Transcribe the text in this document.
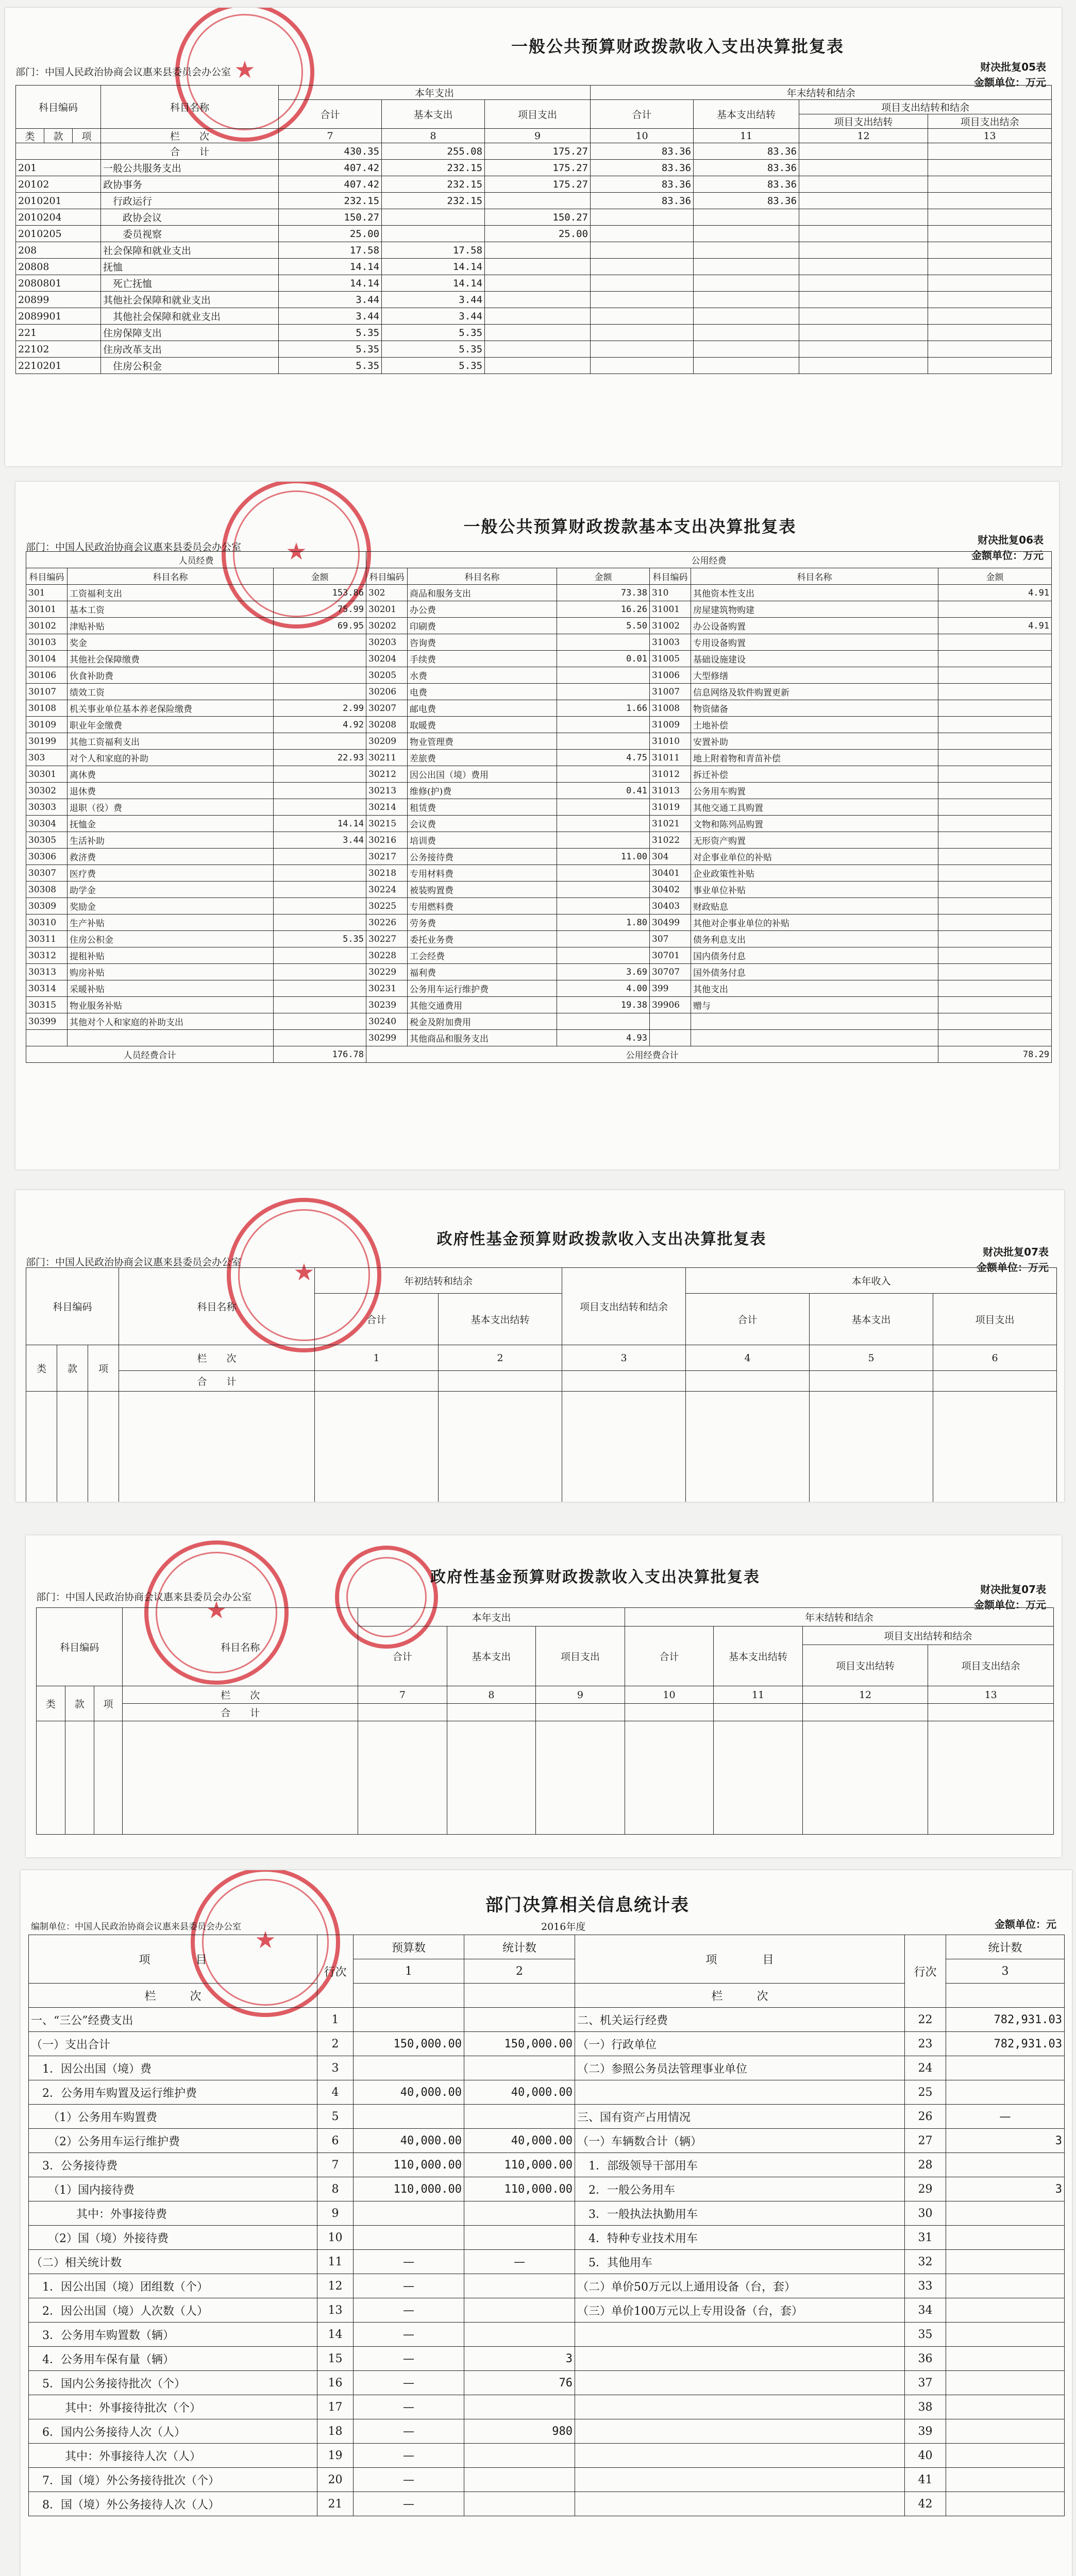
★
一般公共预算财政拨款收入支出决算批复表
部门：中国人民政治协商会议惠来县委员会办公室	财决批复05表
金额单位：万元
科目编码			科目名称	本年支出			年末结转和结余			
				合计	基本支出	项目支出	合计	基本支出结转	项目支出结转和结余	
									项目支出结转	项目支出结余
类	款	项	栏　　次	7	8	9	10	11	12	13
			合　　计	430.35	255.08	175.27	83.36	83.36		
201			一般公共服务支出	407.42	232.15	175.27	83.36	83.36		
20102			政协事务	407.42	232.15	175.27	83.36	83.36		
2010201			　行政运行	232.15	232.15		83.36	83.36		
2010204			　　政协会议	150.27		150.27				
2010205			　　委员视察	25.00		25.00				
208			社会保障和就业支出	17.58	17.58					
20808			抚恤	14.14	14.14					
2080801			　死亡抚恤	14.14	14.14					
20899			其他社会保障和就业支出	3.44	3.44					
2089901			　其他社会保障和就业支出	3.44	3.44					
221			住房保障支出	5.35	5.35					
22102			住房改革支出	5.35	5.35					
2210201			　住房公积金	5.35	5.35					
★
一般公共预算财政拨款基本支出决算批复表
部门：中国人民政治协商会议惠来县委员会办公室
财决批复06表
金额单位：万元
人员经费			公用经费					
科目编码	科目名称	金额	科目编码	科目名称	金额	科目编码	科目名称	金额
301	工资福利支出	153.86	302	商品和服务支出	73.38	310	其他资本性支出	4.91
30101	基本工资	75.99	30201	办公费	16.26	31001	房屋建筑物购建	
30102	津贴补贴	69.95	30202	印刷费	5.50	31002	办公设备购置	4.91
30103	奖金		30203	咨询费		31003	专用设备购置	
30104	其他社会保障缴费		30204	手续费	0.01	31005	基础设施建设	
30106	伙食补助费		30205	水费		31006	大型修缮	
30107	绩效工资		30206	电费		31007	信息网络及软件购置更新	
30108	机关事业单位基本养老保险缴费	2.99	30207	邮电费	1.66	31008	物资储备	
30109	职业年金缴费	4.92	30208	取暖费		31009	土地补偿	
30199	其他工资福利支出		30209	物业管理费		31010	安置补助	
303	对个人和家庭的补助	22.93	30211	差旅费	4.75	31011	地上附着物和青苗补偿	
30301	离休费		30212	因公出国（境）费用		31012	拆迁补偿	
30302	退休费		30213	维修(护)费	0.41	31013	公务用车购置	
30303	退职（役）费		30214	租赁费		31019	其他交通工具购置	
30304	抚恤金	14.14	30215	会议费		31021	文物和陈列品购置	
30305	生活补助	3.44	30216	培训费		31022	无形资产购置	
30306	救济费		30217	公务接待费	11.00	304	对企事业单位的补贴	
30307	医疗费		30218	专用材料费		30401	企业政策性补贴	
30308	助学金		30224	被装购置费		30402	事业单位补贴	
30309	奖励金		30225	专用燃料费		30403	财政贴息	
30310	生产补贴		30226	劳务费	1.80	30499	其他对企事业单位的补贴	
30311	住房公积金	5.35	30227	委托业务费		307	债务利息支出	
30312	提租补贴		30228	工会经费		30701	国内债务付息	
30313	购房补贴		30229	福利费	3.69	30707	国外债务付息	
30314	采暖补贴		30231	公务用车运行维护费	4.00	399	其他支出	
30315	物业服务补贴		30239	其他交通费用	19.38	39906	赠与	
30399	其他对个人和家庭的补助支出		30240	税金及附加费用				
			30299	其他商品和服务支出	4.93			
人员经费合计		176.78	公用经费合计					78.29
★
政府性基金预算财政拨款收入支出决算批复表
部门：中国人民政治协商会议惠来县委员会办公室
财决批复07表
金额单位：万元
科目编码			科目名称	年初结转和结余		项目支出结转和结余	本年收入		
				合计	基本支出结转		合计	基本支出	项目支出
类	款	项	栏　　次	1	2	3	4	5	6
			合　　计						

★
政府性基金预算财政拨款收入支出决算批复表
部门：中国人民政治协商会议惠来县委员会办公室
财决批复07表
金额单位：万元
科目编码			科目名称	本年支出			年末结转和结余			
				合计	基本支出	项目支出	合计	基本支出结转	项目支出结转和结余	
									项目支出结转	项目支出结余
类	款	项	栏　　次	7	8	9	10	11	12	13
			合　　计							

★
部门决算相关信息统计表
编制单位：中国人民政治协商会议惠来县委员会办公室	2016年度	金额单位：元
项　　　　目	行次	预算数	统计数	项　　　　目	行次	统计数
		1	2			3
栏　　　次				栏　　　次		
一、“三公”经费支出	1			二、机关运行经费	22	782,931.03
（一）支出合计	2	150,000.00	150,000.00	（一）行政单位	23	782,931.03
　1．因公出国（境）费	3			（二）参照公务员法管理事业单位	24	
　2．公务用车购置及运行维护费	4	40,000.00	40,000.00		25	
　　（1）公务用车购置费	5			三、国有资产占用情况	26	—
　　（2）公务用车运行维护费	6	40,000.00	40,000.00	（一）车辆数合计（辆）	27	3
　3．公务接待费	7	110,000.00	110,000.00	　1．部级领导干部用车	28	
　　（1）国内接待费	8	110,000.00	110,000.00	　2．一般公务用车	29	3
　　　　其中：外事接待费	9			　3．一般执法执勤用车	30	
　　（2）国（境）外接待费	10			　4．特种专业技术用车	31	
（二）相关统计数	11	—	—	　5．其他用车	32	
　1．因公出国（境）团组数（个）	12	—		（二）单价50万元以上通用设备（台，套）	33	
　2．因公出国（境）人次数（人）	13	—		（三）单价100万元以上专用设备（台，套）	34	
　3．公务用车购置数（辆）	14	—			35	
　4．公务用车保有量（辆）	15	—	3		36	
　5．国内公务接待批次（个）	16	—	76		37	
　　　其中：外事接待批次（个）	17	—			38	
　6．国内公务接待人次（人）	18	—	980		39	
　　　其中：外事接待人次（人）	19	—			40	
　7．国（境）外公务接待批次（个）	20	—			41	
　8．国（境）外公务接待人次（人）	21	—			42	
